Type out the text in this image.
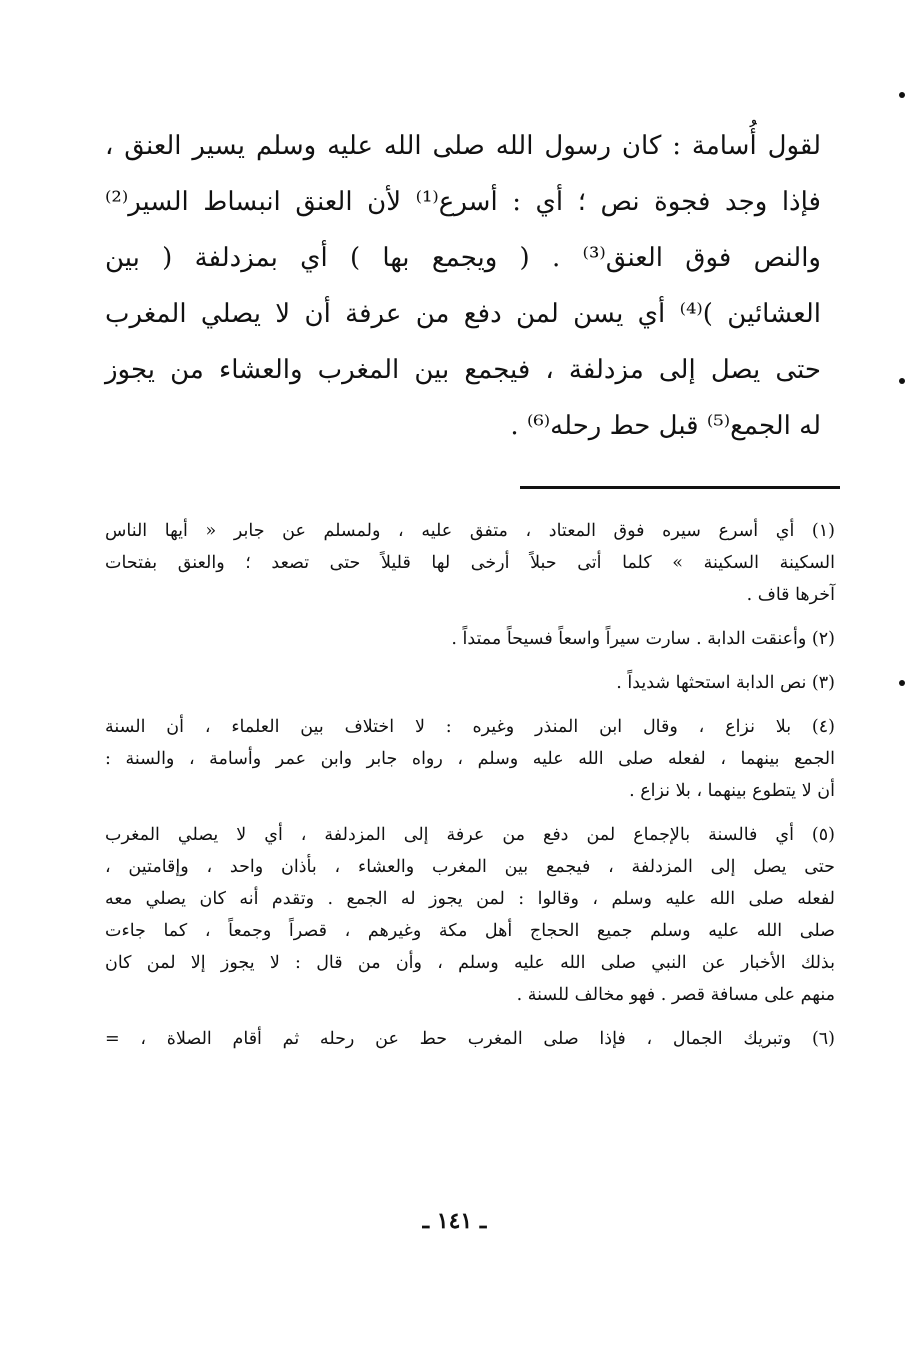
لقول أُسامة : كان رسول الله صلى الله عليه وسلم يسير العنق ،
فإذا وجد فجوة نص ؛ أي : أسرع⁽¹⁾ لأن العنق انبساط السير⁽²⁾
والنص فوق العنق⁽³⁾ . ( ويجمع بها ) أي بمزدلفة ( بين
العشائين )⁽⁴⁾ أي يسن لمن دفع من عرفة أن لا يصلي المغرب
حتى يصل إلى مزدلفة ، فيجمع بين المغرب والعشاء من يجوز
له الجمع⁽⁵⁾ قبل حط رحله⁽⁶⁾ .
(١) أي أسرع سيره فوق المعتاد ، متفق عليه ، ولمسلم عن جابر « أيها الناس
السكينة السكينة » كلما أتى حبلاً أرخى لها قليلاً حتى تصعد ؛ والعنق بفتحات
آخرها قاف .
(٢) وأعنقت الدابة . سارت سيراً واسعاً فسيحاً ممتداً .
(٣) نص الدابة استحثها شديداً .
(٤) بلا نزاع ، وقال ابن المنذر وغيره : لا اختلاف بين العلماء ، أن السنة
الجمع بينهما ، لفعله صلى الله عليه وسلم ، رواه جابر وابن عمر وأسامة ، والسنة :
أن لا يتطوع بينهما ، بلا نزاع .
(٥) أي فالسنة بالإجماع لمن دفع من عرفة إلى المزدلفة ، أي لا يصلي المغرب
حتى يصل إلى المزدلفة ، فيجمع بين المغرب والعشاء ، بأذان واحد ، وإقامتين ،
لفعله صلى الله عليه وسلم ، وقالوا : لمن يجوز له الجمع . وتقدم أنه كان يصلي معه
صلى الله عليه وسلم جميع الحجاج أهل مكة وغيرهم ، قصراً وجمعاً ، كما جاءت
بذلك الأخبار عن النبي صلى الله عليه وسلم ، وأن من قال : لا يجوز إلا لمن كان
منهم على مسافة قصر . فهو مخالف للسنة .
(٦) وتبريك الجمال ، فإذا صلى المغرب حط عن رحله ثم أقام الصلاة ، =
ـ ١٤١ ـ
